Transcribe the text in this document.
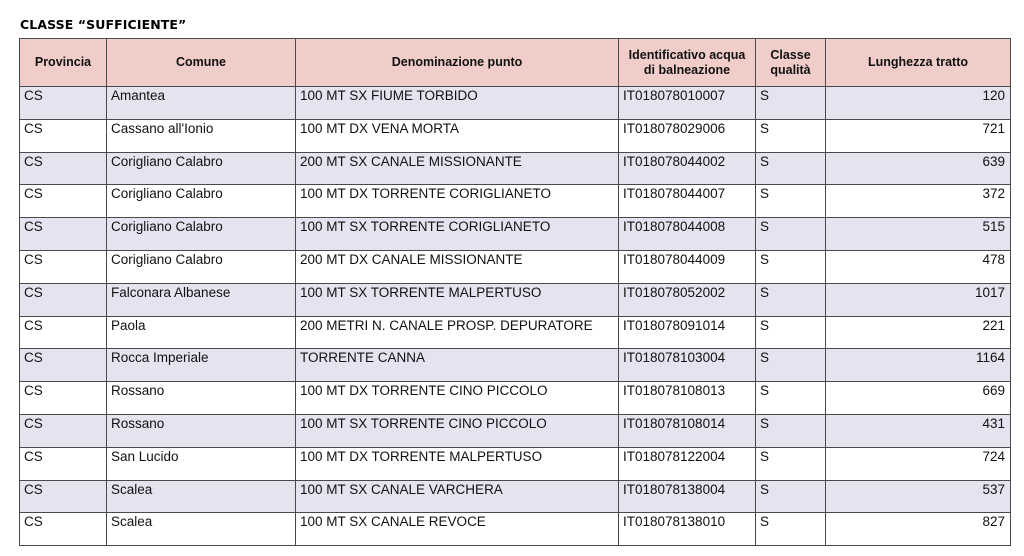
CLASSE “SUFFICIENTE”
Provincia	Comune	Denominazione punto	Identificativo acqua di balneazione	Classe qualità	Lunghezza tratto
CS	Amantea	100 MT SX FIUME TORBIDO	IT018078010007	S	120
CS	Cassano all'Ionio	100 MT DX VENA MORTA	IT018078029006	S	721
CS	Corigliano Calabro	200 MT SX CANALE MISSIONANTE	IT018078044002	S	639
CS	Corigliano Calabro	100 MT DX TORRENTE CORIGLIANETO	IT018078044007	S	372
CS	Corigliano Calabro	100 MT SX TORRENTE CORIGLIANETO	IT018078044008	S	515
CS	Corigliano Calabro	200 MT DX CANALE MISSIONANTE	IT018078044009	S	478
CS	Falconara Albanese	100 MT SX TORRENTE MALPERTUSO	IT018078052002	S	1017
CS	Paola	200 METRI N. CANALE PROSP. DEPURATORE	IT018078091014	S	221
CS	Rocca Imperiale	TORRENTE CANNA	IT018078103004	S	1164
CS	Rossano	100 MT DX TORRENTE CINO PICCOLO	IT018078108013	S	669
CS	Rossano	100 MT SX TORRENTE CINO PICCOLO	IT018078108014	S	431
CS	San Lucido	100 MT DX TORRENTE MALPERTUSO	IT018078122004	S	724
CS	Scalea	100 MT SX CANALE VARCHERA	IT018078138004	S	537
CS	Scalea	100 MT SX CANALE REVOCE	IT018078138010	S	827
